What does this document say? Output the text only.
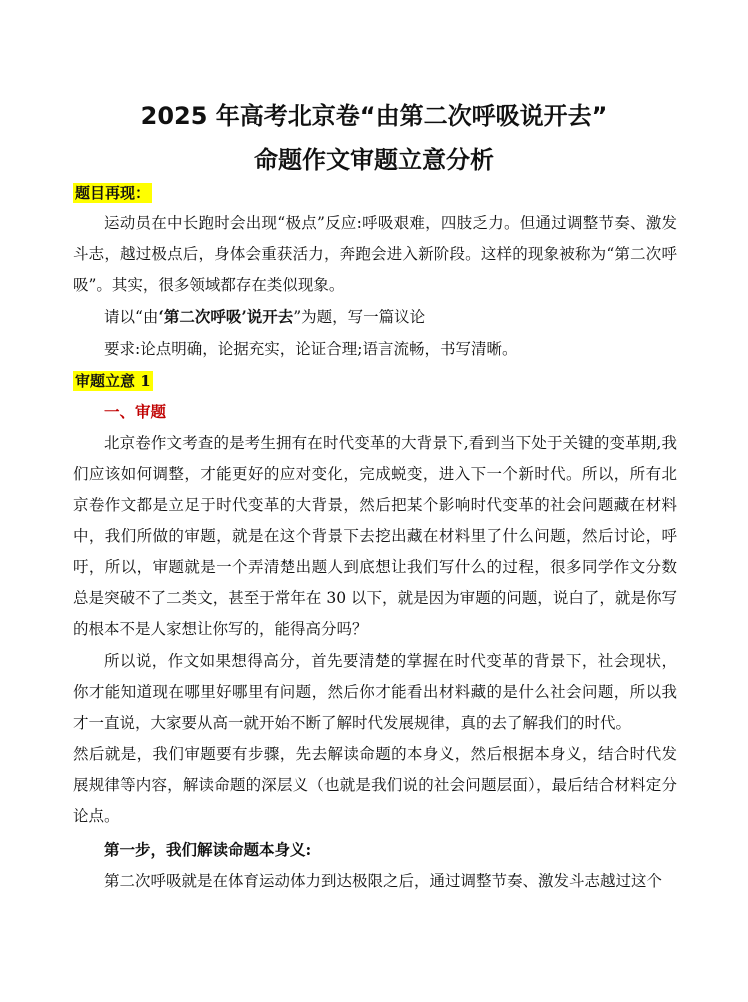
2025 年高考北京卷“由第二次呼吸说开去”
命题作文审题立意分析
题目再现：

运动员在中长跑时会出现“极点”反应:呼吸艰难，四肢乏力。但通过调整节奏、激发斗志，越过极点后，身体会重获活力，奔跑会进入新阶段。这样的现象被称为“第二次呼吸”。其实，很多领域都存在类似现象。

请以“由‘第二次呼吸’说开去”为题，写一篇议论

要求:论点明确，论据充实，论证合理;语言流畅，书写清晰。

审题立意 1
一、审题

北京卷作文考查的是考生拥有在时代变革的大背景下,看到当下处于关键的变革期,我们应该如何调整，才能更好的应对变化，完成蜕变，进入下一个新时代。所以，所有北京卷作文都是立足于时代变革的大背景，然后把某个影响时代变革的社会问题藏在材料中，我们所做的审题，就是在这个背景下去挖出藏在材料里了什么问题，然后讨论，呼吁，所以，审题就是一个弄清楚出题人到底想让我们写什么的过程，很多同学作文分数总是突破不了二类文，甚至于常年在 30 以下，就是因为审题的问题，说白了，就是你写的根本不是人家想让你写的，能得高分吗？

所以说，作文如果想得高分，首先要清楚的掌握在时代变革的背景下，社会现状，你才能知道现在哪里好哪里有问题，然后你才能看出材料藏的是什么社会问题，所以我才一直说，大家要从高一就开始不断了解时代发展规律，真的去了解我们的时代。

然后就是，我们审题要有步骤，先去解读命题的本身义，然后根据本身义，结合时代发展规律等内容，解读命题的深层义（也就是我们说的社会问题层面），最后结合材料定分论点。

第一步，我们解读命题本身义:

第二次呼吸就是在体育运动体力到达极限之后，通过调整节奏、激发斗志越过这个
